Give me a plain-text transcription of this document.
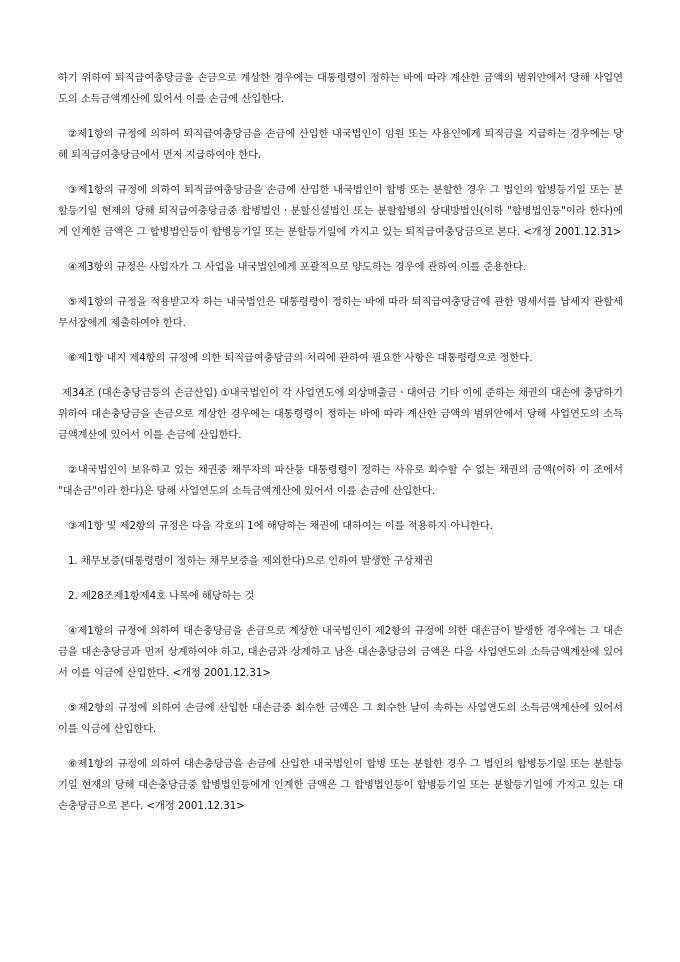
하기 위하여 퇴직급여충당금을 손금으로 계상한 경우에는 대통령령이 정하는 바에 따라 계산한 금액의 범위안에서 당해 사업연도의 소득금액계산에 있어서 이를 손금에 산입한다.

②제1항의 규정에 의하여 퇴직급여충당금을 손금에 산입한 내국법인이 임원 또는 사용인에게 퇴직금을 지급하는 경우에는 당해 퇴직급여충당금에서 먼저 지급하여야 한다.

③제1항의 규정에 의하여 퇴직급여충당금을 손금에 산입한 내국법인이 합병 또는 분할한 경우 그 법인의 합병등기일 또는 분할등기일 현재의 당해 퇴직급여충당금중 합병법인ㆍ분할신설법인 또는 분할합병의 상대방법인(이하 "합병법인등"이라 한다)에게 인계한 금액은 그 합병법인등이 합병등기일 또는 분할등기일에 가지고 있는 퇴직급여충당금으로 본다. <개정 2001.12.31>

④제3항의 규정은 사업자가 그 사업을 내국법인에게 포괄적으로 양도하는 경우에 관하여 이를 준용한다.

⑤제1항의 규정을 적용받고자 하는 내국법인은 대통령령이 정하는 바에 따라 퇴직급여충당금에 관한 명세서를 납세지 관할세무서장에게 제출하여야 한다.

⑥제1항 내지 제4항의 규정에 의한 퇴직급여충당금의 처리에 관하여 필요한 사항은 대통령령으로 정한다.

제34조 (대손충당금등의 손금산입) ①내국법인이 각 사업연도에 외상매출금ㆍ대여금 기타 이에 준하는 채권의 대손에 충당하기 위하여 대손충당금을 손금으로 계상한 경우에는 대통령령이 정하는 바에 따라 계산한 금액의 범위안에서 당해 사업연도의 소득금액계산에 있어서 이를 손금에 산입한다.

②내국법인이 보유하고 있는 채권중 채무자의 파산등 대통령령이 정하는 사유로 회수할 수 없는 채권의 금액(이하 이 조에서 "대손금"이라 한다)은 당해 사업연도의 소득금액계산에 있어서 이를 손금에 산입한다.

③제1항 및 제2항의 규정은 다음 각호의 1에 해당하는 채권에 대하여는 이를 적용하지 아니한다.

1. 채무보증(대통령령이 정하는 채무보증을 제외한다)으로 인하여 발생한 구상채권

2. 제28조제1항제4호 나목에 해당하는 것

④제1항의 규정에 의하여 대손충당금을 손금으로 계상한 내국법인이 제2항의 규정에 의한 대손금이 발생한 경우에는 그 대손금을 대손충당금과 먼저 상계하여야 하고, 대손금과 상계하고 남은 대손충당금의 금액은 다음 사업연도의 소득금액계산에 있어서 이를 익금에 산입한다. <개정 2001.12.31>

⑤제2항의 규정에 의하여 손금에 산입한 대손금중 회수한 금액은 그 회수한 날이 속하는 사업연도의 소득금액계산에 있어서 이를 익금에 산입한다.

⑥제1항의 규정에 의하여 대손충당금을 손금에 산입한 내국법인이 합병 또는 분할한 경우 그 법인의 합병등기일 또는 분할등기일 현재의 당해 대손충당금중 합병법인등에게 인계한 금액은 그 합병법인등이 합병등기일 또는 분할등기일에 가지고 있는 대손충당금으로 본다. <개정 2001.12.31>
